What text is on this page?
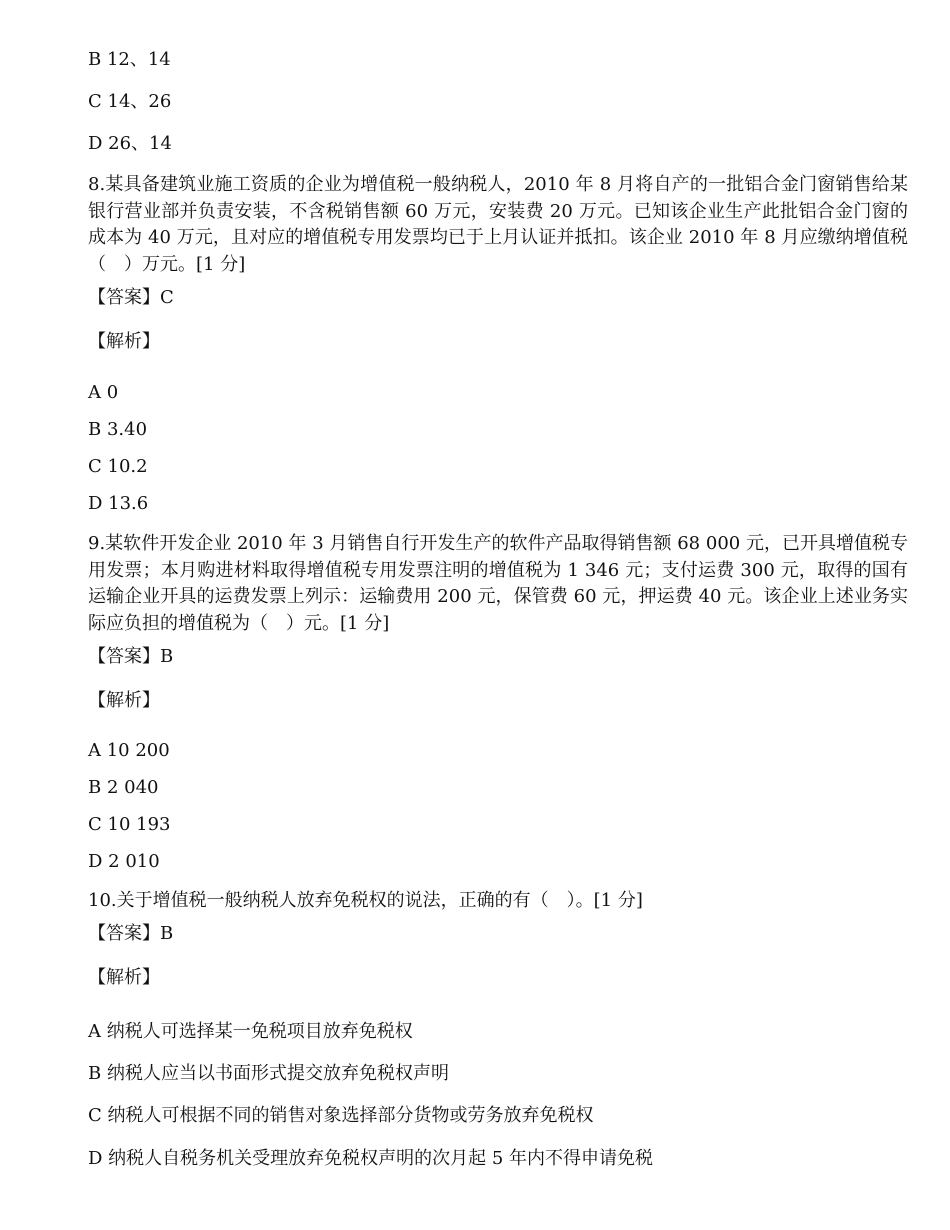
B 12、14
C 14、26
D 26、14
8.某具备建筑业施工资质的企业为增值税一般纳税人，2010 年 8 月将自产的一批铝合金门窗销售给某银行营业部并负责安装，不含税销售额 60 万元，安装费 20 万元。已知该企业生产此批铝合金门窗的成本为 40 万元，且对应的增值税专用发票均已于上月认证并抵扣。该企业 2010 年 8 月应缴纳增值税（　）万元。[1 分]
【答案】C
【解析】
A 0
B 3.40
C 10.2
D 13.6
9.某软件开发企业 2010 年 3 月销售自行开发生产的软件产品取得销售额 68 000 元，已开具增值税专用发票；本月购进材料取得增值税专用发票注明的增值税为 1 346 元；支付运费 300 元，取得的国有运输企业开具的运费发票上列示：运输费用 200 元，保管费 60 元，押运费 40 元。该企业上述业务实际应负担的增值税为（　）元。[1 分]
【答案】B
【解析】
A 10 200
B 2 040
C 10 193
D 2 010
10.关于增值税一般纳税人放弃免税权的说法，正确的有（　）。[1 分]
【答案】B
【解析】
A 纳税人可选择某一免税项目放弃免税权
B 纳税人应当以书面形式提交放弃免税权声明
C 纳税人可根据不同的销售对象选择部分货物或劳务放弃免税权
D 纳税人自税务机关受理放弃免税权声明的次月起 5 年内不得申请免税
